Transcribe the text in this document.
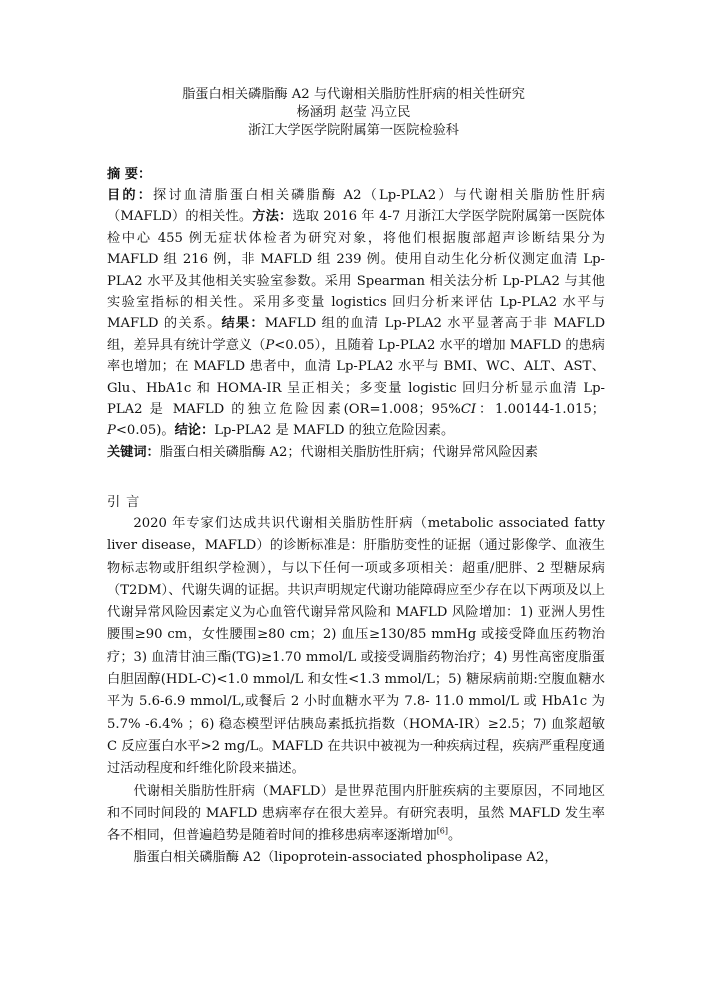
脂蛋白相关磷脂酶 A2 与代谢相关脂肪性肝病的相关性研究
杨涵玥 赵莹 冯立民
浙江大学医学院附属第一医院检验科
摘 要：

目的：探讨血清脂蛋白相关磷脂酶 A2（Lp-PLA2）与代谢相关脂肪性肝病（MAFLD）的相关性。方法：选取 2016 年 4-7 月浙江大学医学院附属第一医院体检中心 455 例无症状体检者为研究对象，将他们根据腹部超声诊断结果分为 MAFLD 组 216 例，非 MAFLD 组 239 例。使用自动生化分析仪测定血清 Lp-PLA2 水平及其他相关实验室参数。采用 Spearman 相关法分析 Lp-PLA2 与其他实验室指标的相关性。采用多变量 logistics 回归分析来评估 Lp-PLA2 水平与 MAFLD 的关系。结果：MAFLD 组的血清 Lp-PLA2 水平显著高于非 MAFLD 组，差异具有统计学意义（P<0.05），且随着 Lp-PLA2 水平的增加 MAFLD 的患病率也增加；在 MAFLD 患者中，血清 Lp-PLA2 水平与 BMI、WC、ALT、AST、Glu、HbA1c 和 HOMA-IR 呈正相关；多变量 logistic 回归分析显示血清 Lp-PLA2 是 MAFLD 的独立危险因素(OR=1.008；95%CI：1.00144-1.015；P<0.05)。结论：Lp-PLA2 是 MAFLD 的独立危险因素。

关键词：脂蛋白相关磷脂酶 A2；代谢相关脂肪性肝病；代谢异常风险因素

引言

2020 年专家们达成共识代谢相关脂肪性肝病（metabolic associated fatty liver disease，MAFLD）的诊断标准是：肝脂肪变性的证据（通过影像学、血液生物标志物或肝组织学检测），与以下任何一项或多项相关：超重/肥胖、2 型糖尿病（T2DM）、代谢失调的证据。共识声明规定代谢功能障碍应至少存在以下两项及以上代谢异常风险因素定义为心血管代谢异常风险和 MAFLD 风险增加：1) 亚洲人男性腰围≥90 cm，女性腰围≥80 cm；2) 血压≥130/85 mmHg 或接受降血压药物治疗；3) 血清甘油三酯(TG)≥1.70 mmol/L 或接受调脂药物治疗；4) 男性高密度脂蛋白胆固醇(HDL-C)<1.0 mmol/L 和女性<1.3 mmol/L；5) 糖尿病前期:空腹血糖水平为 5.6-6.9 mmol/L,或餐后 2 小时血糖水平为 7.8- 11.0 mmol/L 或 HbA1c 为 5.7% -6.4% ；6) 稳态模型评估胰岛素抵抗指数（HOMA-IR）≥2.5；7) 血浆超敏 C 反应蛋白水平>2 mg/L。MAFLD 在共识中被视为一种疾病过程，疾病严重程度通过活动程度和纤维化阶段来描述。

代谢相关脂肪性肝病（MAFLD）是世界范围内肝脏疾病的主要原因，不同地区和不同时间段的 MAFLD 患病率存在很大差异。有研究表明，虽然 MAFLD 发生率各不相同，但普遍趋势是随着时间的推移患病率逐渐增加[6]。

脂蛋白相关磷脂酶 A2（lipoprotein-associated phospholipase A2，
